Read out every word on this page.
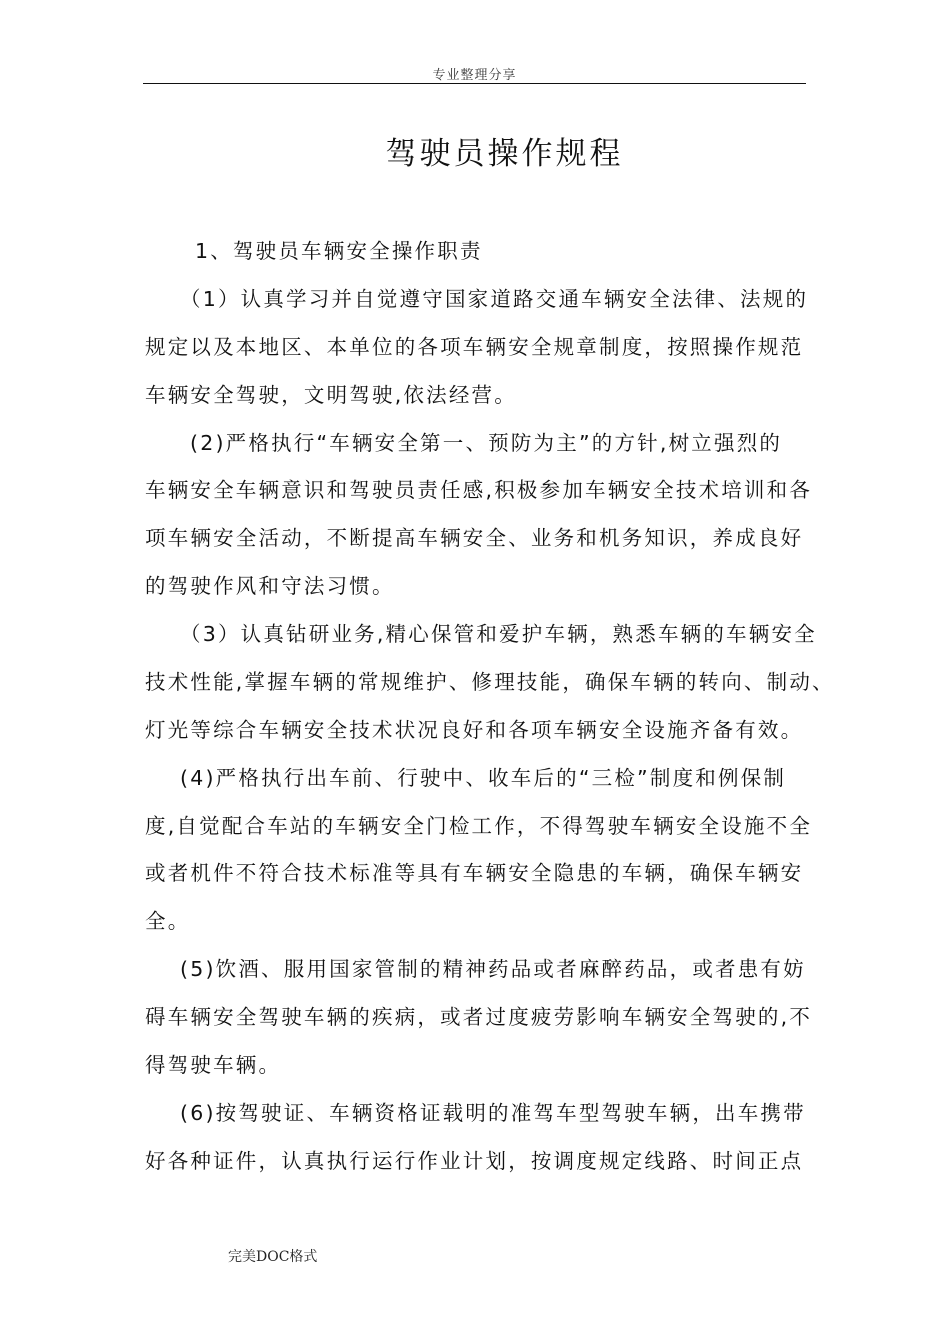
专业整理分享
驾驶员操作规程
1、驾驶员车辆安全操作职责
（1）认真学习并自觉遵守国家道路交通车辆安全法律、法规的
规定以及本地区、本单位的各项车辆安全规章制度，按照操作规范
车辆安全驾驶，文明驾驶,依法经营。
(2)严格执行“车辆安全第一、预防为主”的方针,树立强烈的
车辆安全车辆意识和驾驶员责任感,积极参加车辆安全技术培训和各
项车辆安全活动，不断提高车辆安全、业务和机务知识，养成良好
的驾驶作风和守法习惯。
（3）认真钻研业务,精心保管和爱护车辆，熟悉车辆的车辆安全
技术性能,掌握车辆的常规维护、修理技能，确保车辆的转向、制动、
灯光等综合车辆安全技术状况良好和各项车辆安全设施齐备有效。
(4)严格执行出车前、行驶中、收车后的“三检”制度和例保制
度,自觉配合车站的车辆安全门检工作，不得驾驶车辆安全设施不全
或者机件不符合技术标准等具有车辆安全隐患的车辆，确保车辆安
全。
(5)饮酒、服用国家管制的精神药品或者麻醉药品，或者患有妨
碍车辆安全驾驶车辆的疾病，或者过度疲劳影响车辆安全驾驶的,不
得驾驶车辆。
(6)按驾驶证、车辆资格证载明的准驾车型驾驶车辆，出车携带
好各种证件，认真执行运行作业计划，按调度规定线路、时间正点
完美DOC格式
